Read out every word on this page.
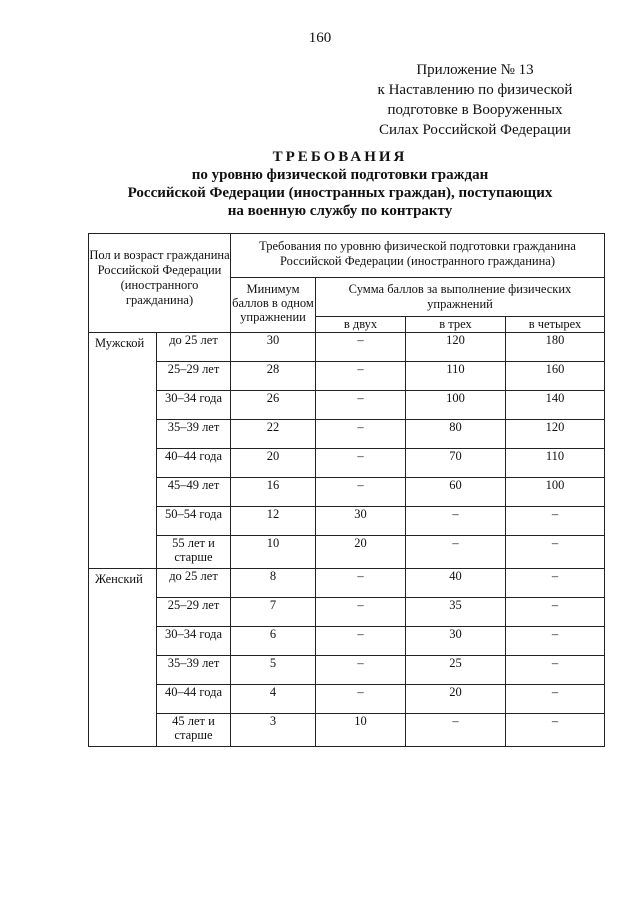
160
Приложение № 13
к Наставлению по физической
подготовке в Вооруженных
Силах Российской Федерации
ТРЕБОВАНИЯ
по уровню физической подготовки граждан
Российской Федерации (иностранных граждан), поступающих
на военную службу по контракту
Пол и возраст гражданина Российской Федерации (иностранного гражданина)		Требования по уровню физической подготовки гражданина Российской Федерации (иностранного гражданина)			
		Минимум баллов в одном упражнении	Сумма баллов за выполнение физических упражнений		
			в двух	в трех	в четырех
Мужской	до 25 лет	30	–	120	180
	25–29 лет	28	–	110	160
	30–34 года	26	–	100	140
	35–39 лет	22	–	80	120
	40–44 года	20	–	70	110
	45–49 лет	16	–	60	100
	50–54 года	12	30	–	–
	55 лет и старше	10	20	–	–
Женский	до 25 лет	8	–	40	–
	25–29 лет	7	–	35	–
	30–34 года	6	–	30	–
	35–39 лет	5	–	25	–
	40–44 года	4	–	20	–
	45 лет и старше	3	10	–	–
